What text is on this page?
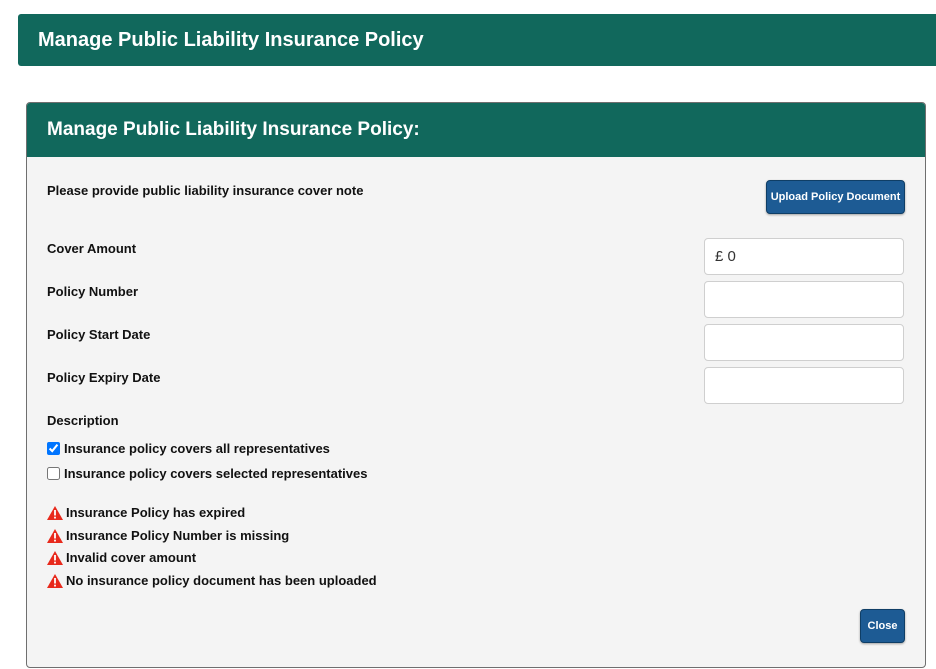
Manage Public Liability Insurance Policy
Manage Public Liability Insurance Policy:
Please provide public liability insurance cover note	Upload Policy Document
Cover Amount
£ 0
Policy Number
Policy Start Date
Policy Expiry Date
Description
Insurance policy covers all representatives
Insurance policy covers selected representatives
Insurance Policy has expired
Insurance Policy Number is missing
Invalid cover amount
No insurance policy document has been uploaded
Close
